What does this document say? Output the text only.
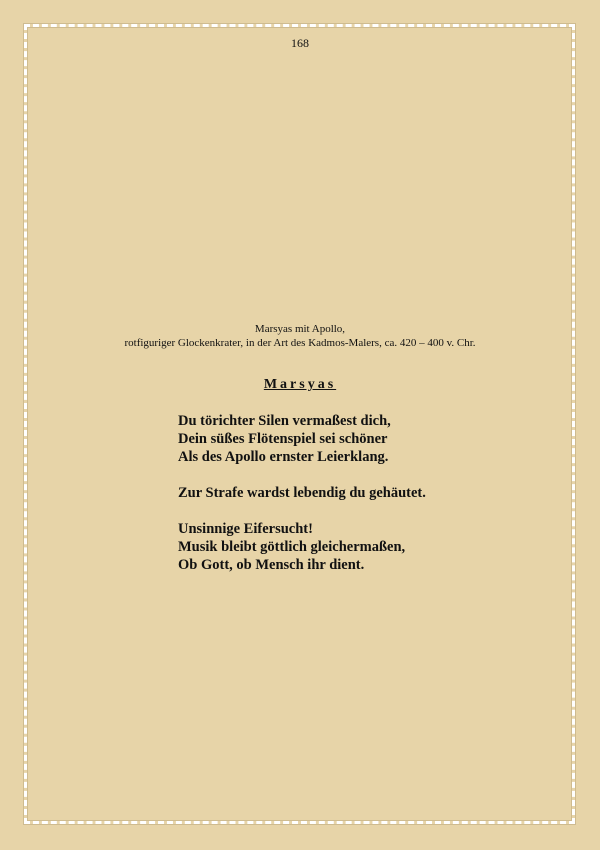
168
Marsyas mit Apollo,
rotfiguriger Glockenkrater, in der Art des Kadmos-Malers, ca. 420 – 400 v. Chr.
Marsyas
Du törichter Silen vermaßest dich,
Dein süßes Flötenspiel sei schöner
Als des Apollo ernster Leierklang.
Zur Strafe wardst lebendig du gehäutet.
Unsinnige Eifersucht!
Musik bleibt göttlich gleichermaßen,
Ob Gott, ob Mensch ihr dient.
